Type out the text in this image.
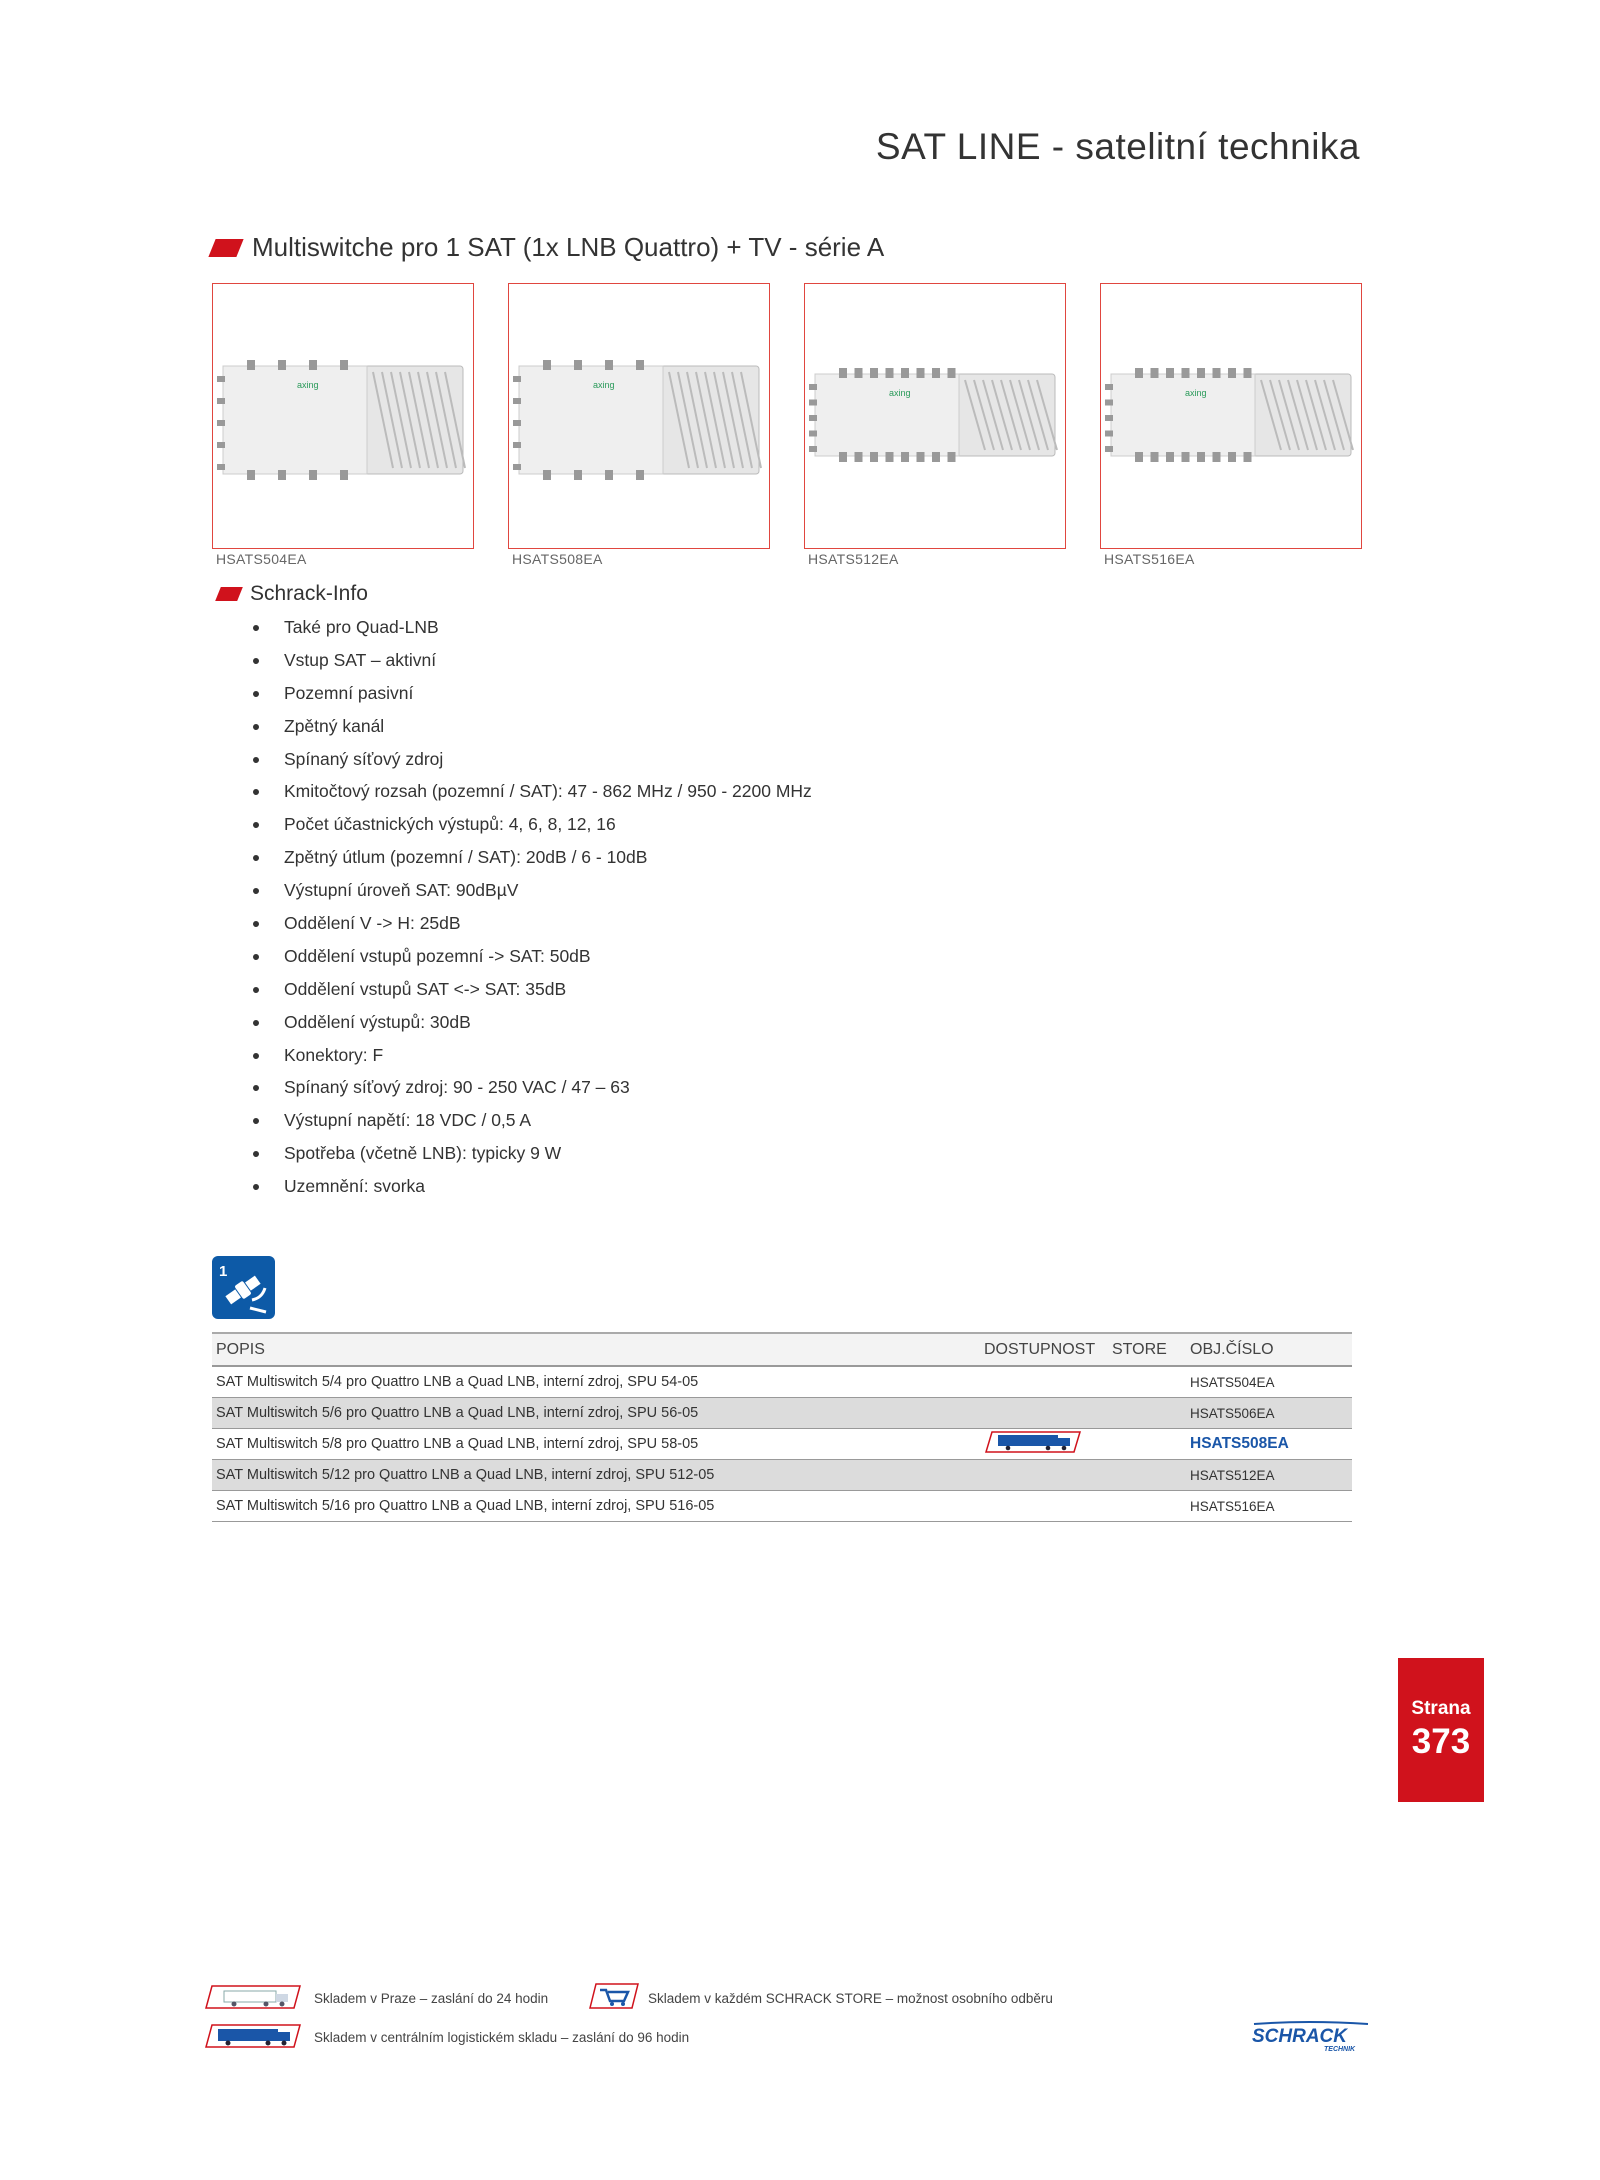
SAT LINE - satelitní technika
Multiswitche pro 1 SAT (1x LNB Quattro) + TV - série A
axing
HSATS504EA
axing
HSATS508EA
axing
HSATS512EA
axing
HSATS516EA
Schrack-Info
Také pro Quad-LNB
Vstup SAT – aktivní
Pozemní pasivní
Zpětný kanál
Spínaný síťový zdroj
Kmitočtový rozsah (pozemní / SAT): 47 - 862 MHz / 950 - 2200 MHz
Počet účastnických výstupů: 4, 6, 8, 12, 16
Zpětný útlum (pozemní / SAT): 20dB / 6 - 10dB
Výstupní úroveň SAT: 90dBµV
Oddělení V -> H: 25dB
Oddělení vstupů pozemní -> SAT: 50dB
Oddělení vstupů SAT <-> SAT: 35dB
Oddělení výstupů: 30dB
Konektory: F
Spínaný síťový zdroj: 90 - 250 VAC / 47 – 63
Výstupní napětí: 18 VDC / 0,5 A
Spotřeba (včetně LNB): typicky 9 W
Uzemnění: svorka
1
POPIS	DOSTUPNOST	STORE	OBJ.ČÍSLO
SAT Multiswitch 5/4 pro Quattro LNB a Quad LNB, interní zdroj, SPU 54-05			HSATS504EA
SAT Multiswitch 5/6 pro Quattro LNB a Quad LNB, interní zdroj, SPU 56-05			HSATS506EA
SAT Multiswitch 5/8 pro Quattro LNB a Quad LNB, interní zdroj, SPU 58-05			HSATS508EA
SAT Multiswitch 5/12 pro Quattro LNB a Quad LNB, interní zdroj, SPU 512-05			HSATS512EA
SAT Multiswitch 5/16 pro Quattro LNB a Quad LNB, interní zdroj, SPU 516-05			HSATS516EA
Strana
373
Skladem v Praze – zaslání do 24 hodin	Skladem v každém SCHRACK STORE – možnost osobního odběru
Skladem v centrálním logistickém skladu – zaslání do 96 hodin	SCHRACK
TECHNIK
